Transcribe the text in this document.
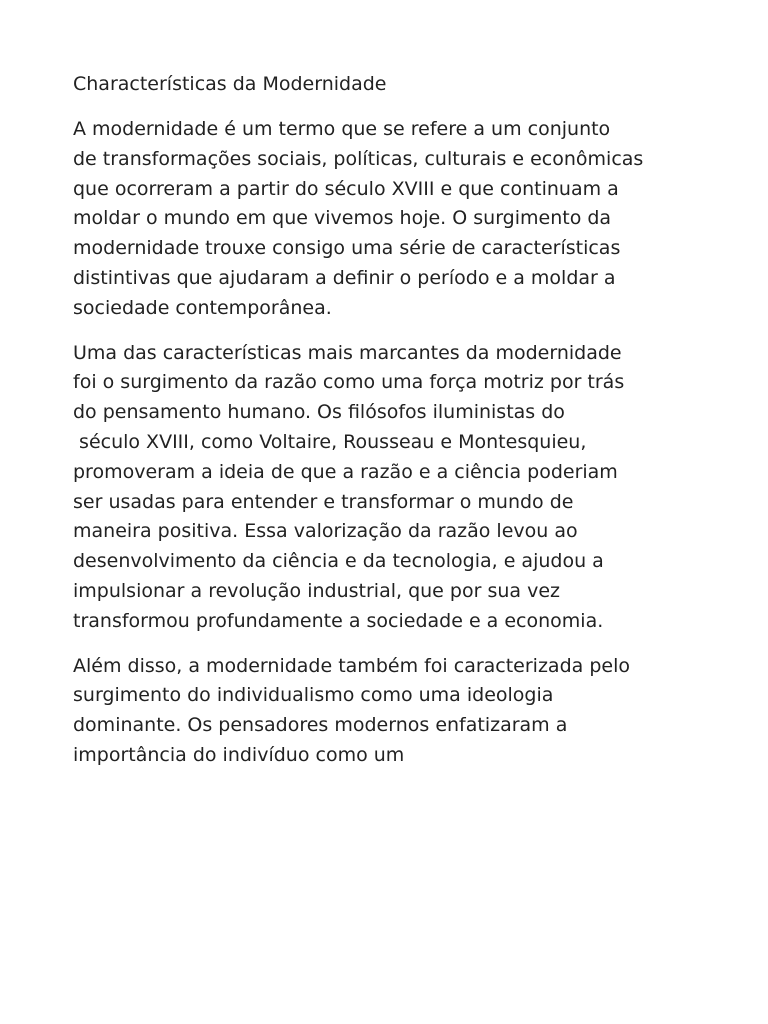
Characterísticas da Modernidade
A modernidade é um termo que se refere a um conjunto
de transformações sociais, políticas, culturais e econômicas
que ocorreram a partir do século XVIII e que continuam a
moldar o mundo em que vivemos hoje. O surgimento da
modernidade trouxe consigo uma série de características
distintivas que ajudaram a definir o período e a moldar a
sociedade contemporânea.
Uma das características mais marcantes da modernidade
foi o surgimento da razão como uma força motriz por trás
do pensamento humano. Os filósofos iluministas do
século XVIII, como Voltaire, Rousseau e Montesquieu,
promoveram a ideia de que a razão e a ciência poderiam
ser usadas para entender e transformar o mundo de
maneira positiva. Essa valorização da razão levou ao
desenvolvimento da ciência e da tecnologia, e ajudou a
impulsionar a revolução industrial, que por sua vez
transformou profundamente a sociedade e a economia.
Além disso, a modernidade também foi caracterizada pelo
surgimento do individualismo como uma ideologia
dominante. Os pensadores modernos enfatizaram a
importância do indivíduo como um
